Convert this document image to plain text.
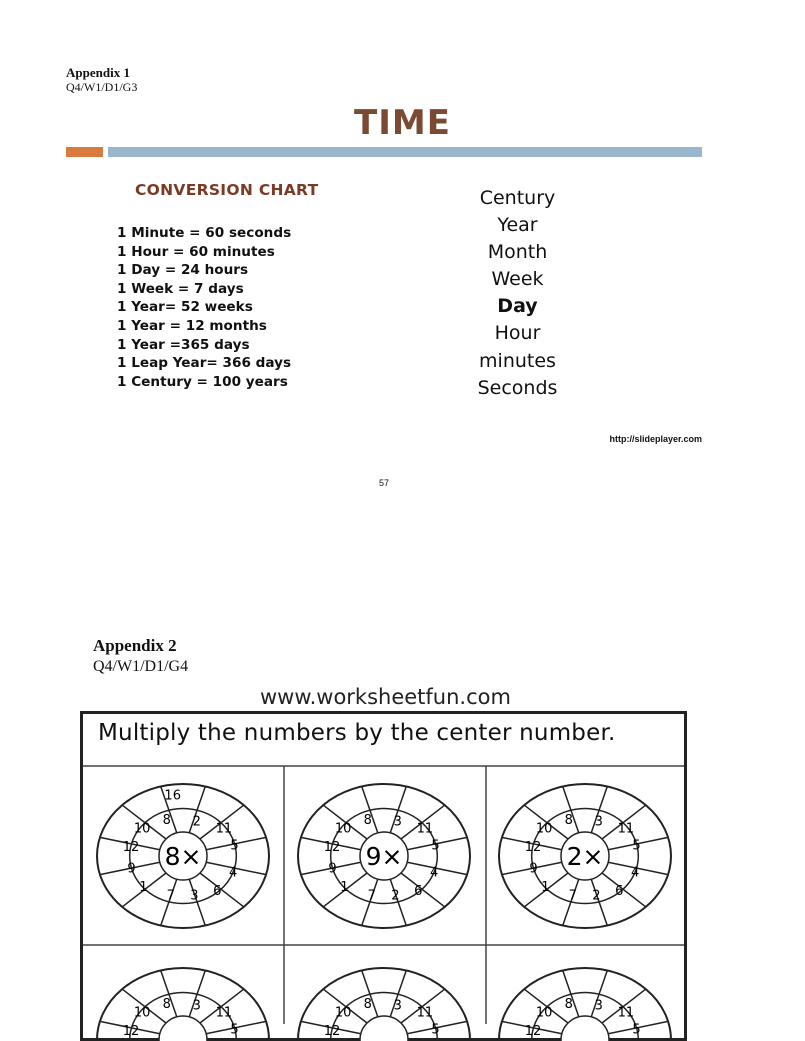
Appendix 1
Q4/W1/D1/G3
TIME
CONVERSION CHART
1 Minute = 60 seconds
1 Hour = 60 minutes
1 Day = 24 hours
1 Week = 7 days
1 Year= 52 weeks
1 Year = 12 months
1 Year =365 days
1 Leap Year= 366 days
1 Century = 100 years
Century
Year
Month
Week
Day
Hour
minutes
Seconds
http://slideplayer.com
57
Appendix 2
Q4/W1/D1/G4
www.worksheetfun.com
Multiply the numbers by the center number.
8×
16
2 11
5
4
6
3
7
1
9
12
10
8
9×
3 11
5
4
6
2
7
1
9
12
10
8
2×
3 11
5
4
6
2
7
1
9
12
10
8
3 11
5
12
10
8	3 11
5
12
10
8	3 11
5
12
10
8
